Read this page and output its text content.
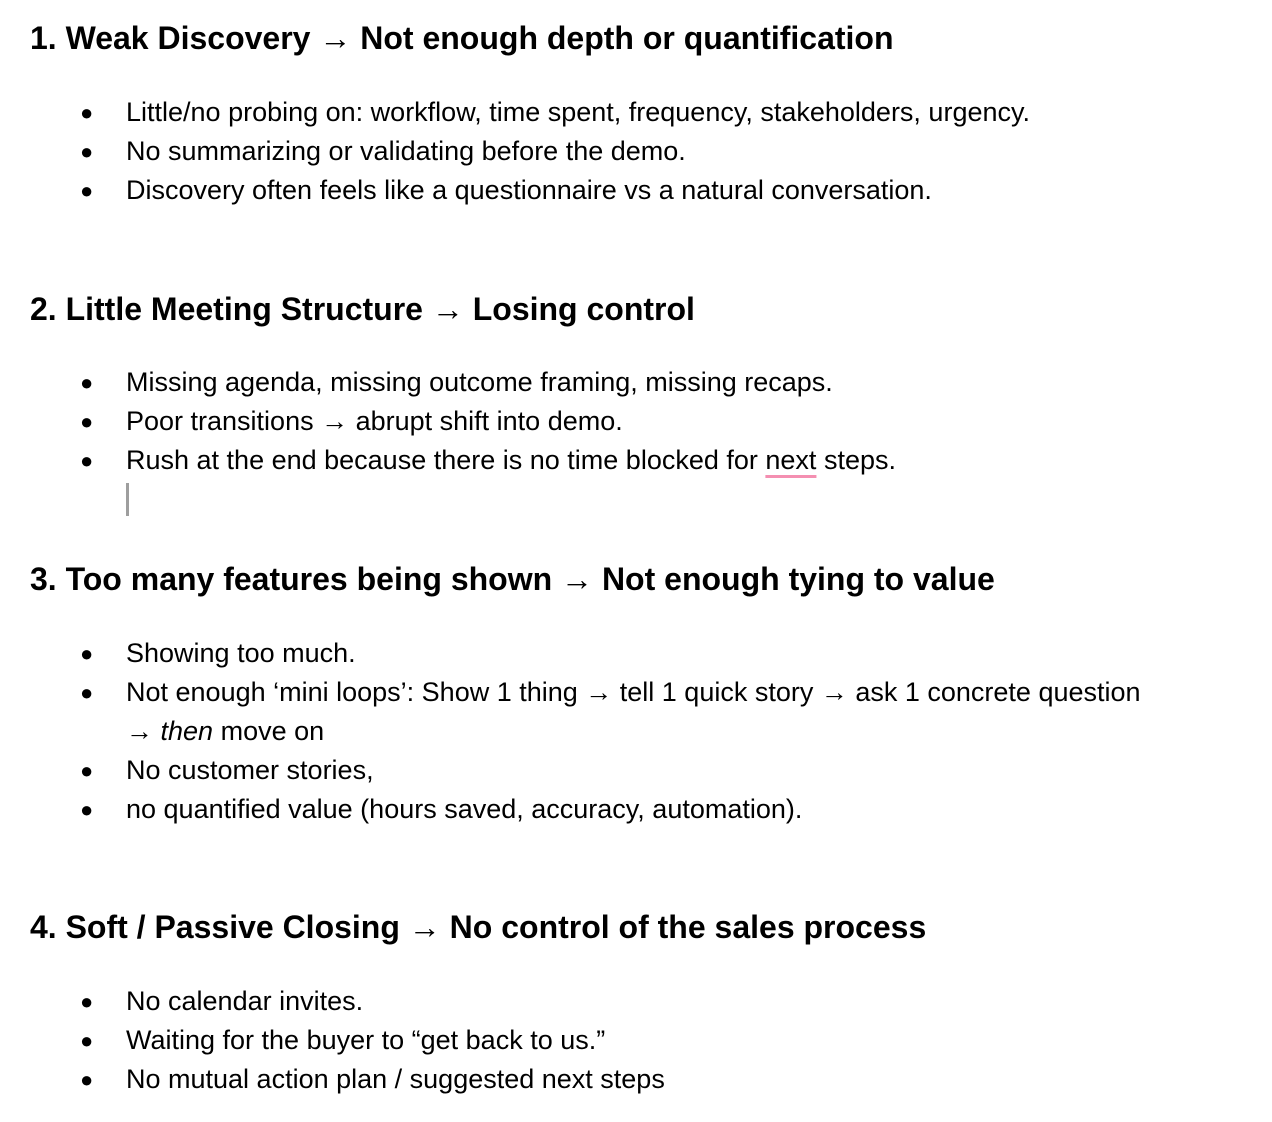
1. Weak Discovery → Not enough depth or quantification
● Little/no probing on: workflow, time spent, frequency, stakeholders, urgency.
● No summarizing or validating before the demo.
● Discovery often feels like a questionnaire vs a natural conversation.
2. Little Meeting Structure → Losing control
● Missing agenda, missing outcome framing, missing recaps.
● Poor transitions → abrupt shift into demo.
● Rush at the end because there is no time blocked for next steps.
3. Too many features being shown → Not enough tying to value
● Showing too much.
● Not enough ‘mini loops’: Show 1 thing → tell 1 quick story → ask 1 concrete question
→ then move on
● No customer stories,
● no quantified value (hours saved, accuracy, automation).
4. Soft / Passive Closing → No control of the sales process
● No calendar invites.
● Waiting for the buyer to “get back to us.”
● No mutual action plan / suggested next steps
